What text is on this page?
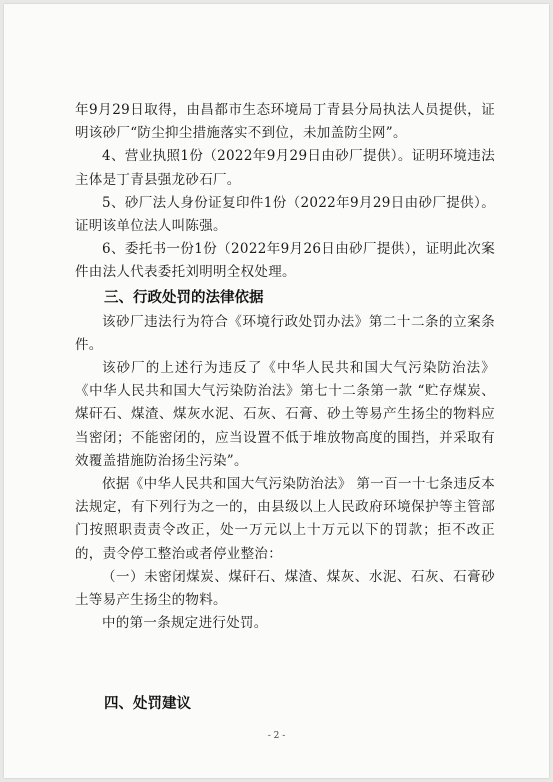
年9月29日取得，由昌都市生态环境局丁青县分局执法人员提供，证明该砂厂“防尘抑尘措施落实不到位，未加盖防尘网”。

4、营业执照1份（2022年9月29日由砂厂提供）。证明环境违法主体是丁青县强龙砂石厂。

5、砂厂法人身份证复印件1份（2022年9月29日由砂厂提供）。证明该单位法人叫陈强。

6、委托书一份1份（2022年9月26日由砂厂提供），证明此次案件由法人代表委托刘明明全权处理。

三、行政处罚的法律依据

该砂厂违法行为符合《环境行政处罚办法》第二十二条的立案条件。

该砂厂的上述行为违反了《中华人民共和国大气污染防治法》《中华人民共和国大气污染防治法》第七十二条第一款 “贮存煤炭、煤矸石、煤渣、煤灰水泥、石灰、石膏、砂土等易产生扬尘的物料应当密闭；不能密闭的，应当设置不低于堆放物高度的围挡，并采取有效覆盖措施防治扬尘污染”。

依据《中华人民共和国大气污染防治法》 第一百一十七条违反本法规定，有下列行为之一的，由县级以上人民政府环境保护等主管部门按照职责责令改正，处一万元以上十万元以下的罚款；拒不改正的，责令停工整治或者停业整治：

（一）未密闭煤炭、煤矸石、煤渣、煤灰、水泥、石灰、石膏砂土等易产生扬尘的物料。

中的第一条规定进行处罚。

四、处罚建议
- 2 -
